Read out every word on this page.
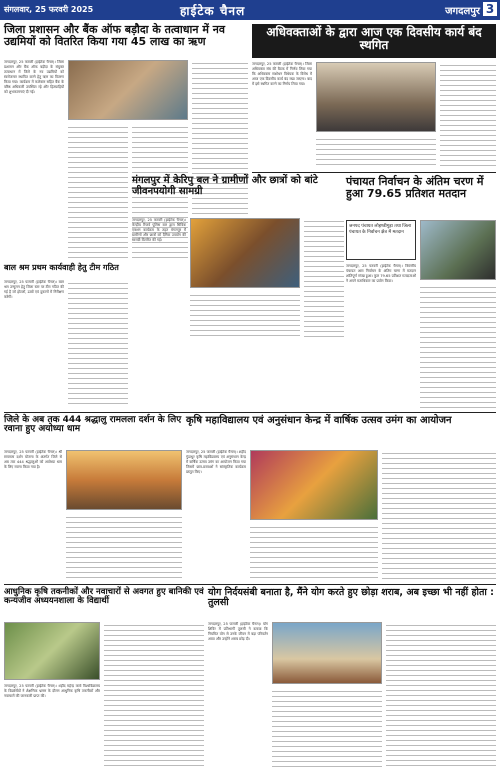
संगलवार, 25 फरवरी 2025	हाईटेक चैनल	जगदलपुर 3
जिला प्रशासन और बैंक ऑफ बड़ौदा के तत्वाधान में नव उद्यमियों को वितरित किया गया 45 लाख का ऋण
जगदलपुर, 25 फरवरी (हाईटेक चैनल)। जिला प्रशासन और बैंक ऑफ बड़ौदा के संयुक्त तत्वाधान में जिले के नव उद्यमियों को स्वरोजगार स्थापित करने हेतु ऋण का वितरण किया गया। कार्यक्रम में कलेक्टर सहित बैंक के वरिष्ठ अधिकारी उपस्थित रहे और हितग्राहियों को शुभकामनाएं दी गईं।
अधिवक्ताओं के द्वारा आज एक दिवसीय कार्य बंद स्थगित
जगदलपुर, 25 फरवरी (हाईटेक चैनल)। जिला अधिवक्ता संघ की बैठक में निर्णय लिया गया कि अधिवक्ता संशोधन विधेयक के विरोध में आज एक दिवसीय कार्य बंद रखा जाएगा। बाद में इसे स्थगित करने का निर्णय लिया गया।
बाल श्रम प्रथम कार्यवाही हेतु टीम गठित
जगदलपुर, 25 फरवरी (हाईटेक चैनल)। बाल श्रम उन्मूलन हेतु जिला स्तर पर टीम गठित की गई है जो होटलों, ढाबों एवं दुकानों में निरीक्षण करेगी।
मंगलपुर में केरिपु बल ने ग्रामीणों और छात्रों को बांटे जीवनपयोगी सामग्री
जगदलपुर, 25 फरवरी (हाईटेक चैनल)। केन्द्रीय रिजर्व पुलिस बल द्वारा सिविक एक्शन कार्यक्रम के तहत मंगलपुर में ग्रामीणों और छात्रों को दैनिक उपयोग की सामग्री वितरित की गई।
पंचायत निर्वाचन के अंतिम चरण में हुआ 79.65 प्रतिशत मतदान
जनपद पंचायत लोहण्डीगुड़ा तथा जिला पंचायत के निर्वाचन क्षेत्र में मतदान
जगदलपुर, 25 फरवरी (हाईटेक चैनल)। त्रिस्तरीय पंचायत आम निर्वाचन के अंतिम चरण में मतदान शांतिपूर्ण संपन्न हुआ। कुल 79.65 प्रतिशत मतदाताओं ने अपने मताधिकार का प्रयोग किया।
जिले के अब तक 444 श्रद्धालु रामलला दर्शन के लिए रवाना हुए अयोध्या धाम
जगदलपुर, 25 फरवरी (हाईटेक चैनल)। श्री रामलला दर्शन योजना के अंतर्गत जिले से अब तक 444 श्रद्धालुओं को अयोध्या धाम के लिए रवाना किया गया है।
कृषि महाविद्यालय एवं अनुसंधान केन्द्र में वार्षिक उत्सव उमंग का आयोजन
जगदलपुर, 25 फरवरी (हाईटेक चैनल)। शहीद गुंडाधुर कृषि महाविद्यालय एवं अनुसंधान केन्द्र में वार्षिक उत्सव उमंग का आयोजन किया गया जिसमें छात्र-छात्राओं ने सांस्कृतिक कार्यक्रम प्रस्तुत किए।
आधुनिक कृषि तकनीकों और नवाचारों से अवगत हुए बानिकी एवं कन्यजीव अध्ययनशाला के विद्यार्थी
जगदलपुर, 25 फरवरी (हाईटेक चैनल)। शहीद महेन्द्र कर्मा विश्वविद्यालय के विद्यार्थियों ने शैक्षणिक भ्रमण के दौरान आधुनिक कृषि तकनीकों और नवाचारों की जानकारी प्राप्त की।
योग निर्दयसंबी बनाता है, मैंने योग करते हुए छोड़ा शराब, अब इच्छा भी नहीं होता : तुलसी
जगदलपुर, 25 फरवरी (हाईटेक चैनल)। योग शिविर में प्रतिभागी तुलसी ने बताया कि नियमित योग से उनके जीवन में बड़ा परिवर्तन आया और उन्होंने शराब छोड़ दी।
